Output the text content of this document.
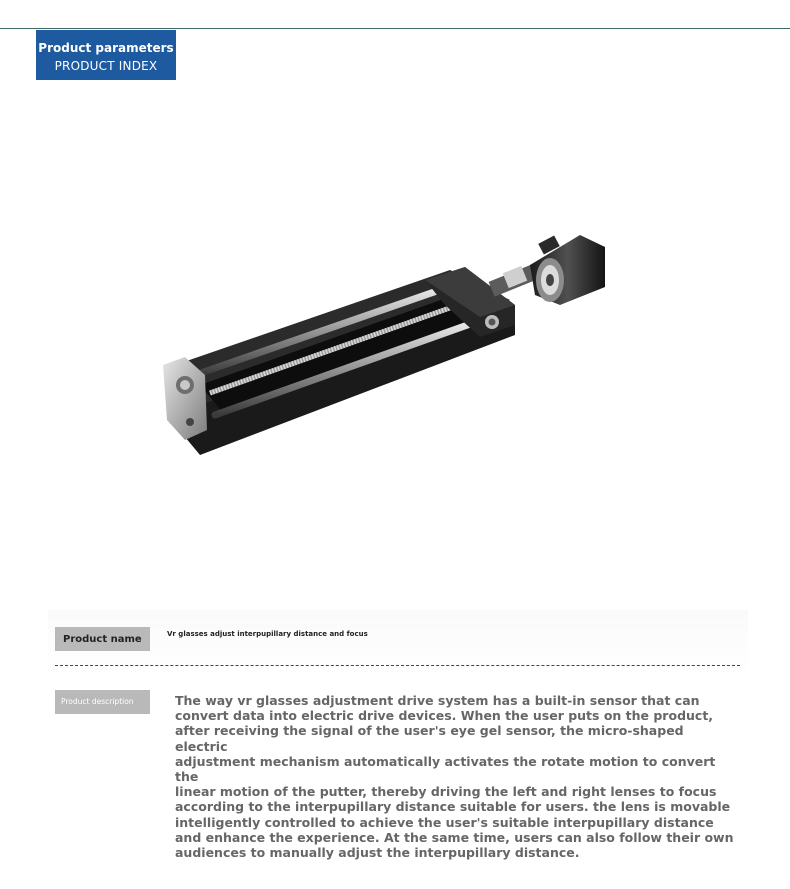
Product parameters
PRODUCT INDEX
Product name	Vr glasses adjust interpupillary distance and focus
Product description	The way vr glasses adjustment drive system has a built-in sensor that can
convert data into electric drive devices. When the user puts on the product,
after receiving the signal of the user's eye gel sensor, the micro-shaped electric
adjustment mechanism automatically activates the rotate motion to convert the
linear motion of the putter, thereby driving the left and right lenses to focus
according to the interpupillary distance suitable for users. the lens is movable
intelligently controlled to achieve the user's suitable interpupillary distance
and enhance the experience. At the same time, users can also follow their own
audiences to manually adjust the interpupillary distance.
